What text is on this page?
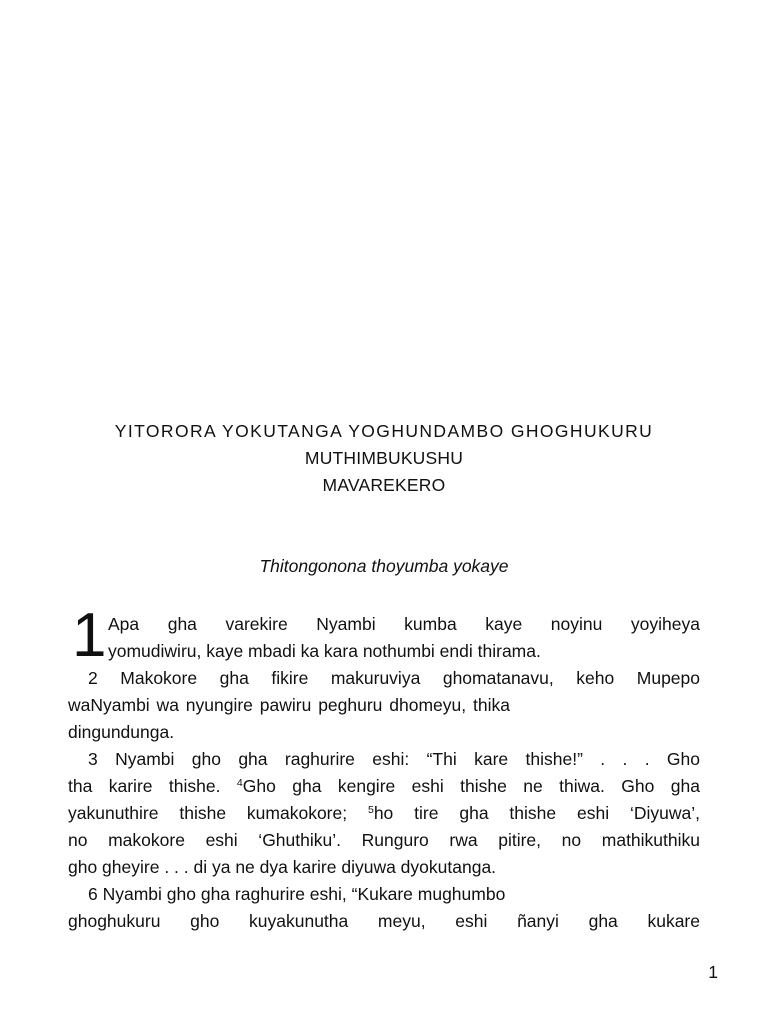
YITORORA YOKUTANGA YOGHUNDAMBO GHOGHUKURU
MUTHIMBUKUSHU
MAVAREKERO
Thitongonona thoyumba yokaye
1 Apa gha varekire Nyambi kumba kaye noyinu yoyiheya
yomudiwiru, kaye mbadi ka kara nothumbi endi thirama.
2 Makokore gha fikire makuruviya ghomatanavu, keho Mupepo
waNyambi wa nyungire pawiru peghuru dhomeyu, thika
dingundunga.
3 Nyambi gho gha raghurire eshi: “Thi kare thishe!” . . . Gho
tha karire thishe. $^4$Gho gha kengire eshi thishe ne thiwa. Gho gha
yakunuthire thishe kumakokore; $^5$ho tire gha thishe eshi ‘Diyuwa’,
no makokore eshi ‘Ghuthiku’. Runguro rwa pitire, no mathikuthiku
gho gheyire . . . di ya ne dya karire diyuwa dyokutanga.
6 Nyambi gho gha raghurire eshi, “Kukare mughumbo
ghoghukuru gho kuyakunutha meyu, eshi ñanyi gha kukare
1
